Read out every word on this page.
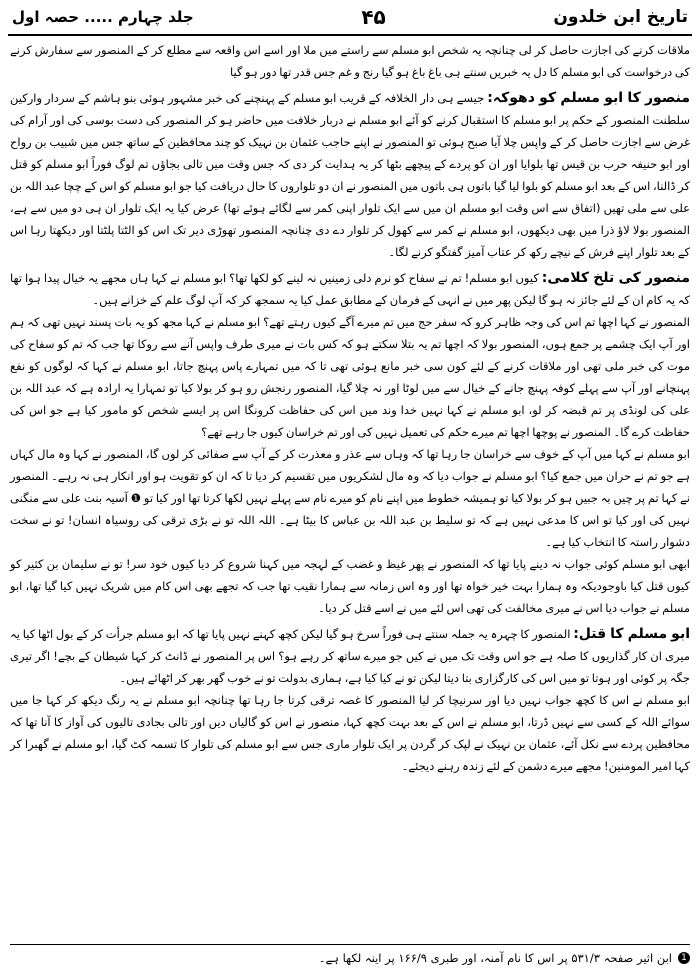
تاریخ ابن خلدون
۴۵
جلد چہارم ..... حصہ اول

ملاقات کرنے کی اجازت حاصل کر لی چنانچہ یہ شخص ابو مسلم سے راستے میں ملا اور اسے اس واقعہ سے مطلع کر کے المنصور سے سفارش کرنے کی درخواست کی ابو مسلم کا دل یہ خبریں سنتے ہی باغ باغ ہو گیا رنج و غم جس قدر تھا دور ہو گیا

منصور کا ابو مسلم کو دھوکہ: جیسے ہی دار الخلافہ کے قریب ابو مسلم کے پہنچنے کی خبر مشہور ہوئی بنو ہاشم کے سردار وارکین سلطنت المنصور کے حکم پر ابو مسلم کا استقبال کرنے کو آئے ابو مسلم نے دربار خلافت میں حاضر ہو کر المنصور کی دست بوسی کی اور آرام کی غرض سے اجازت حاصل کر کے واپس چلا آیا صبح ہوئی تو المنصور نے اپنے حاجب عثمان بن نہیک کو چند محافظین کے ساتھ جس میں شبیب بن رواح اور ابو حنیفہ حرب بن قیس تھا بلوایا اور ان کو پردے کے پیچھے بٹھا کر یہ ہدایت کر دی کہ جس وقت میں تالی بجاؤں تم لوگ فوراً ابو مسلم کو قتل کر ڈالنا، اس کے بعد ابو مسلم کو بلوا لیا گیا باتوں ہی باتوں میں المنصور نے ان دو تلواروں کا حال دریافت کیا جو ابو مسلم کو اس کے چچا عبد اللہ بن علی سے ملی تھیں (اتفاق سے اس وقت ابو مسلم ان میں سے ایک تلوار اپنی کمر سے لگائے ہوئے تھا) عرض کیا یہ ایک تلوار ان ہی دو میں سے ہے، المنصور بولا لاؤ ذرا میں بھی دیکھوں، ابو مسلم نے کمر سے کھول کر تلوار دے دی چنانچہ المنصور تھوڑی دیر تک اس کو الٹتا پلٹتا اور دیکھتا رہا اس کے بعد تلوار اپنے فرش کے نیچے رکھ کر عتاب آمیز گفتگو کرنے لگا۔

منصور کی تلخ کلامی: کیوں ابو مسلم! تم نے سفاح کو نرم دلی زمینیں نہ لینے کو لکھا تھا؟ ابو مسلم نے کہا ہاں مجھے یہ خیال پیدا ہوا تھا کہ یہ کام ان کے لئے جائز نہ ہو گا لیکن پھر میں نے انہی کے فرمان کے مطابق عمل کیا یہ سمجھ کر کہ آپ لوگ علم کے خزانے ہیں۔

المنصور نے کہا اچھا تم اس کی وجہ ظاہر کرو کہ سفر حج میں تم میرے آگے کیوں رہتے تھے؟ ابو مسلم نے کہا مجھ کو یہ بات پسند نہیں تھی کہ ہم اور آپ ایک چشمے پر جمع ہوں، المنصور بولا کہ اچھا تم یہ بتلا سکتے ہو کہ کس بات نے میری طرف واپس آنے سے روکا تھا جب کہ تم کو سفاح کی موت کی خبر ملی تھی اور ملاقات کرنے کے لئے کون سی خبر مانع ہوئی تھی تا کہ میں تمہارے پاس پہنچ جاتا، ابو مسلم نے کہا کہ لوگوں کو نفع پہنچانے اور آپ سے پہلے کوفہ پہنچ جانے کے خیال سے میں لوٹا اور نہ چلا گیا، المنصور رنجش رو ہو کر بولا کیا تو تمہارا یہ ارادہ ہے کہ عبد اللہ بن علی کی لونڈی پر تم قبضہ کر لو، ابو مسلم نے کہا نہیں خدا وند میں اس کی حفاظت کرونگا اس پر ایسے شخص کو مامور کیا ہے جو اس کی حفاظت کرے گا۔ المنصور نے پوچھا اچھا تم میرے حکم کی تعمیل نہیں کی اور تم خراسان کیوں جا رہے تھے؟

ابو مسلم نے کہا میں آپ کے خوف سے خراسان جا رہا تھا کہ وہاں سے عذر و معذرت کر کے آپ سے صفائی کر لوں گا، المنصور نے کہا وہ مال کہاں ہے جو تم نے حران میں جمع کیا؟ ابو مسلم نے جواب دیا کہ وہ مال لشکریوں میں تقسیم کر دیا تا کہ ان کو تقویت ہو اور انکار ہی نہ رہے۔ المنصور نے کہا تم پر چیں بہ جبیں ہو کر بولا کیا تو ہمیشہ خطوط میں اپنے نام کو میرے نام سے پہلے نہیں لکھا کرتا تھا اور کیا تو ❶ آسیہ بنت علی سے منگنی نہیں کی اور کیا تو اس کا مدعی نہیں ہے کہ تو سلیط بن عبد اللہ بن عباس کا بیٹا ہے۔ اللہ اللہ تو نے بڑی ترقی کی روسیاہ انسان! تو نے سخت دشوار راستہ کا انتخاب کیا ہے۔

ابھی ابو مسلم کوئی جواب نہ دینے پایا تھا کہ المنصور نے پھر غیظ و غضب کے لہجہ میں کہنا شروع کر دیا کیوں خود سر! تو نے سلیمان بن کثیر کو کیوں قتل کیا باوجودیکہ وہ ہمارا بہت خیر خواہ تھا اور وہ اس زمانہ سے ہمارا نقیب تھا جب کہ تجھے بھی اس کام میں شریک نہیں کیا گیا تھا، ابو مسلم نے جواب دیا اس نے میری مخالفت کی تھی اس لئے میں نے اسے قتل کر دیا۔

ابو مسلم کا قتل: المنصور کا چہرہ یہ جملہ سنتے ہی فوراً سرخ ہو گیا لیکن کچھ کہنے نہیں پایا تھا کہ ابو مسلم جرأت کر کے بول اٹھا کیا یہ میری ان کار گذاریوں کا صلہ ہے جو اس وقت تک میں نے کیں جو میرے ساتھ کر رہے ہو؟ اس پر المنصور نے ڈانٹ کر کہا شیطان کے بچے! اگر تیری جگہ پر کوئی اور ہوتا تو میں اس کی کارگزاری بتا دیتا لیکن تو نے کیا کیا ہے، ہماری بدولت تو نے خوب گھر بھر کر اٹھائے ہیں۔

ابو مسلم نے اس کا کچھ جواب نہیں دیا اور سرنیچا کر لیا المنصور کا غصہ ترقی کرتا جا رہا تھا چنانچہ ابو مسلم نے یہ رنگ دیکھ کر کہا جا میں سوائے اللہ کے کسی سے نہیں ڈرتا، ابو مسلم نے اس کے بعد بہت کچھ کہا، منصور نے اس کو گالیاں دیں اور تالی بجادی تالیوں کی آواز کا آنا تھا کہ محافظین پردے سے نکل آئے، عثمان بن نہیک نے لپک کر گردن پر ایک تلوار ماری جس سے ابو مسلم کی تلوار کا تسمہ کٹ گیا، ابو مسلم نے گھبرا کر کہا امیر المومنین! مجھے میرے دشمن کے لئے زندہ رہنے دیجئے۔

1
ابن اثیر صفحہ ۵۳۱/۳ پر اس کا نام آمنہ، اور طبری ۱۶۶/۹ پر اینہ لکھا ہے۔
